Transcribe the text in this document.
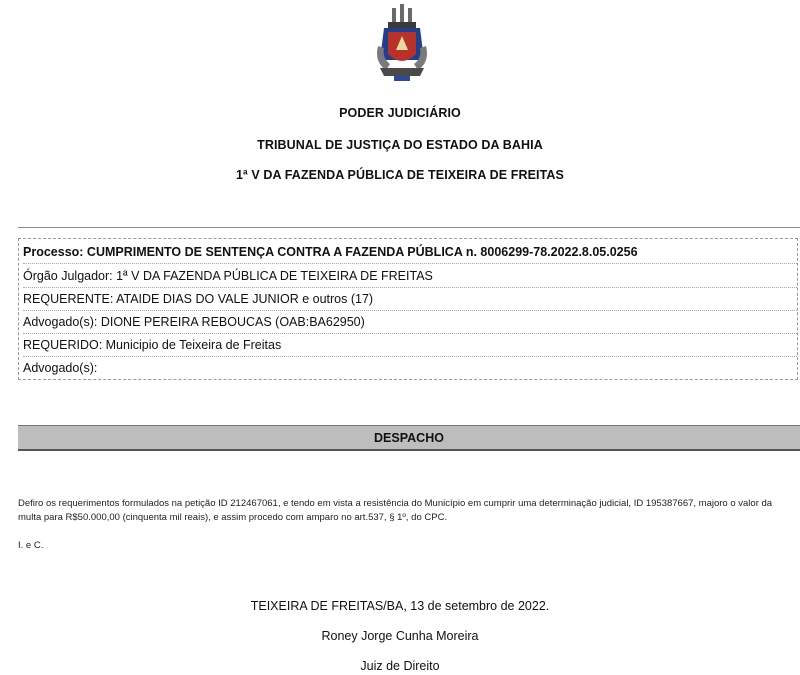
PODER JUDICIÁRIO
TRIBUNAL DE JUSTIÇA DO ESTADO DA BAHIA
1ª V DA FAZENDA PÚBLICA DE TEIXEIRA DE FREITAS
Processo: CUMPRIMENTO DE SENTENÇA CONTRA A FAZENDA PÚBLICA n. 8006299-78.2022.8.05.0256
Órgão Julgador: 1ª V DA FAZENDA PÚBLICA DE TEIXEIRA DE FREITAS
REQUERENTE: ATAIDE DIAS DO VALE JUNIOR e outros (17)
Advogado(s): DIONE PEREIRA REBOUCAS (OAB:BA62950)
REQUERIDO: Municipio de Teixeira de Freitas
Advogado(s):
DESPACHO
Defiro os requerimentos formulados na petição ID 212467061, e tendo em vista a resistência do Município em cumprir uma determinação judicial, ID 195387667, majoro o valor da multa para R$50.000,00 (cinquenta mil reais), e assim procedo com amparo no art.537, § 1º, do CPC.
I. e C.
TEIXEIRA DE FREITAS/BA, 13 de setembro de 2022.
Roney Jorge Cunha Moreira
Juiz de Direito
